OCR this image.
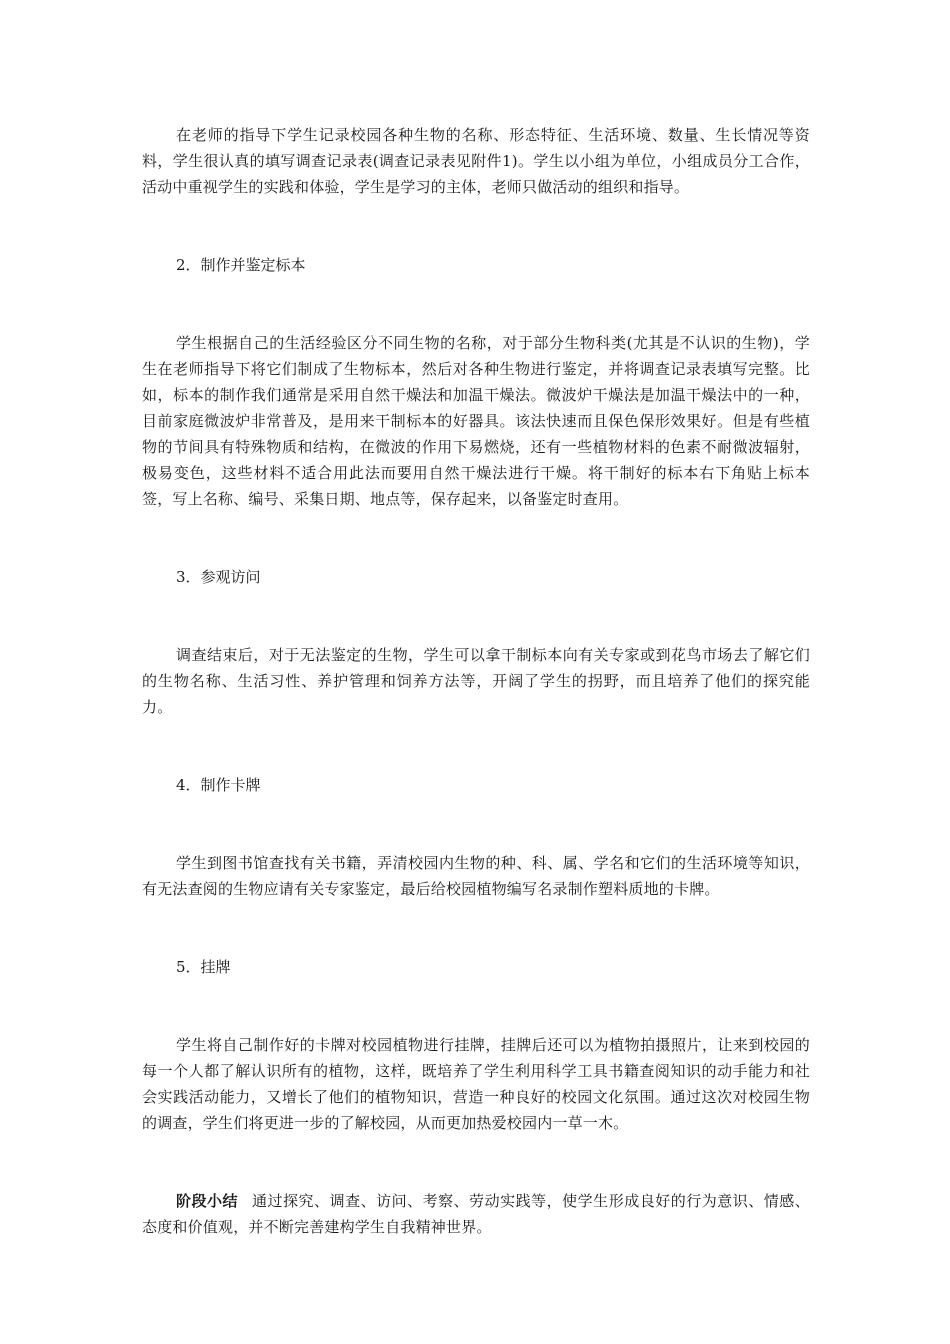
在老师的指导下学生记录校园各种生物的名称、形态特征、生活环境、数量、生长情况等资料，学生很认真的填写调查记录表(调查记录表见附件1)。学生以小组为单位，小组成员分工合作，活动中重视学生的实践和体验，学生是学习的主体，老师只做活动的组织和指导。

2．制作并鉴定标本

学生根据自己的生活经验区分不同生物的名称，对于部分生物科类(尤其是不认识的生物)，学生在老师指导下将它们制成了生物标本，然后对各种生物进行鉴定，并将调查记录表填写完整。比如，标本的制作我们通常是采用自然干燥法和加温干燥法。微波炉干燥法是加温干燥法中的一种，目前家庭微波炉非常普及，是用来干制标本的好器具。该法快速而且保色保形效果好。但是有些植物的节间具有特殊物质和结构，在微波的作用下易燃烧，还有一些植物材料的色素不耐微波辐射，极易变色，这些材料不适合用此法而要用自然干燥法进行干燥。将干制好的标本右下角贴上标本签，写上名称、编号、采集日期、地点等，保存起来，以备鉴定时查用。

3．参观访问

调查结束后，对于无法鉴定的生物，学生可以拿干制标本向有关专家或到花鸟市场去了解它们的生物名称、生活习性、养护管理和饲养方法等，开阔了学生的拐野，而且培养了他们的探究能力。

4．制作卡牌

学生到图书馆查找有关书籍，弄清校园内生物的种、科、属、学名和它们的生活环境等知识，有无法查阅的生物应请有关专家鉴定，最后给校园植物编写名录制作塑料质地的卡牌。

5．挂牌

学生将自己制作好的卡牌对校园植物进行挂牌，挂牌后还可以为植物拍摄照片，让来到校园的每一个人都了解认识所有的植物，这样，既培养了学生利用科学工具书籍查阅知识的动手能力和社会实践活动能力，又增长了他们的植物知识，营造一种良好的校园文化氛围。通过这次对校园生物的调查，学生们将更进一步的了解校园，从而更加热爱校园内一草一木。

阶段小结 通过探究、调查、访问、考察、劳动实践等，使学生形成良好的行为意识、情感、态度和价值观，并不断完善建构学生自我精神世界。
